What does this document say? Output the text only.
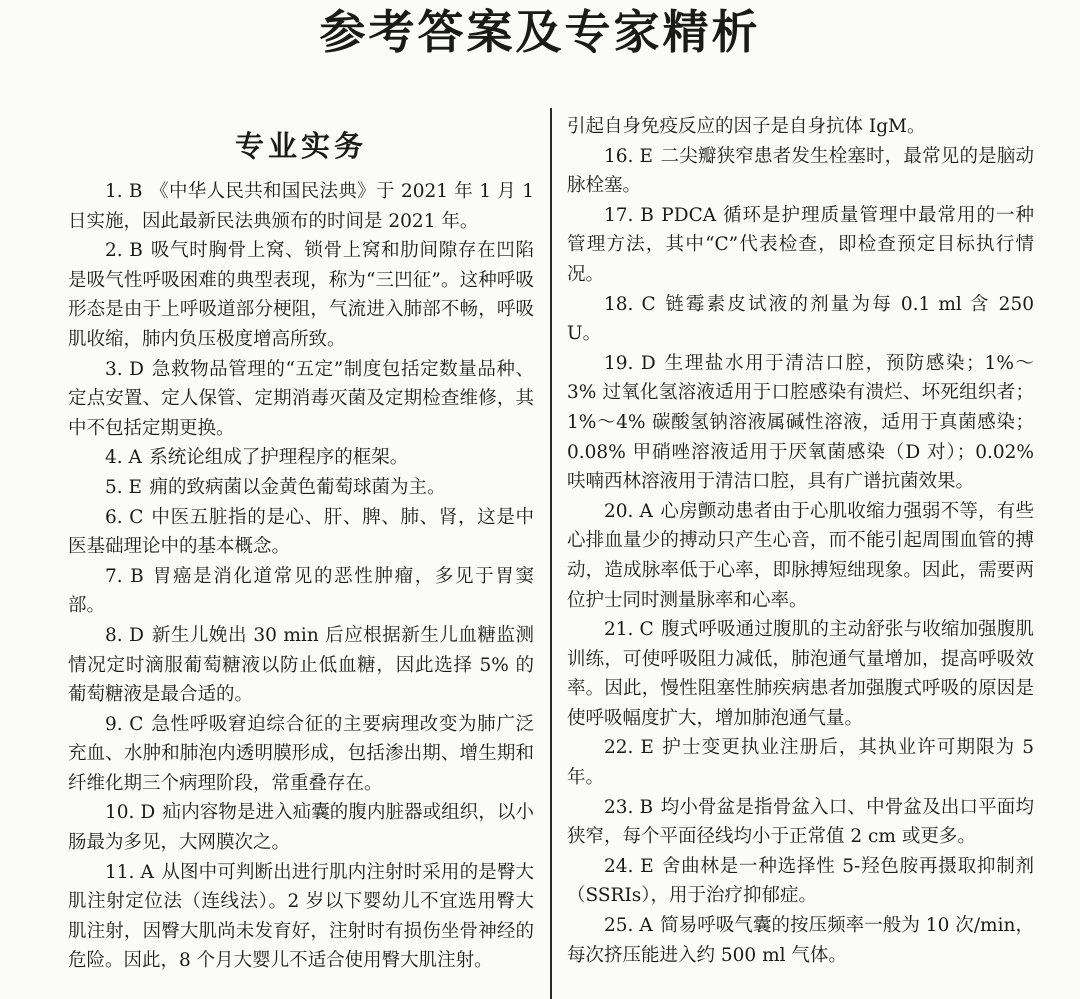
参考答案及专家精析
专业实务

1. B 《中华人民共和国民法典》于 2021 年 1 月 1 日实施，因此最新民法典颁布的时间是 2021 年。

2. B 吸气时胸骨上窝、锁骨上窝和肋间隙存在凹陷是吸气性呼吸困难的典型表现，称为“三凹征”。这种呼吸形态是由于上呼吸道部分梗阻，气流进入肺部不畅，呼吸肌收缩，肺内负压极度增高所致。

3. D 急救物品管理的“五定”制度包括定数量品种、定点安置、定人保管、定期消毒灭菌及定期检查维修，其中不包括定期更换。

4. A 系统论组成了护理程序的框架。

5. E 痈的致病菌以金黄色葡萄球菌为主。

6. C 中医五脏指的是心、肝、脾、肺、肾，这是中医基础理论中的基本概念。

7. B 胃癌是消化道常见的恶性肿瘤，多见于胃窦部。

8. D 新生儿娩出 30 min 后应根据新生儿血糖监测情况定时滴服葡萄糖液以防止低血糖，因此选择 5% 的葡萄糖液是最合适的。

9. C 急性呼吸窘迫综合征的主要病理改变为肺广泛充血、水肿和肺泡内透明膜形成，包括渗出期、增生期和纤维化期三个病理阶段，常重叠存在。

10. D 疝内容物是进入疝囊的腹内脏器或组织，以小肠最为多见，大网膜次之。

11. A 从图中可判断出进行肌内注射时采用的是臀大肌注射定位法（连线法）。2 岁以下婴幼儿不宜选用臀大肌注射，因臀大肌尚未发育好，注射时有损伤坐骨神经的危险。因此，8 个月大婴儿不适合使用臀大肌注射。

引起自身免疫反应的因子是自身抗体 IgM。

16. E 二尖瓣狭窄患者发生栓塞时，最常见的是脑动脉栓塞。

17. B PDCA 循环是护理质量管理中最常用的一种管理方法，其中“C”代表检查，即检查预定目标执行情况。

18. C 链霉素皮试液的剂量为每 0.1 ml 含 250 U。

19. D 生理盐水用于清洁口腔，预防感染；1%～3% 过氧化氢溶液适用于口腔感染有溃烂、坏死组织者；1%～4% 碳酸氢钠溶液属碱性溶液，适用于真菌感染；0.08% 甲硝唑溶液适用于厌氧菌感染（D 对）；0.02% 呋喃西林溶液用于清洁口腔，具有广谱抗菌效果。

20. A 心房颤动患者由于心肌收缩力强弱不等，有些心排血量少的搏动只产生心音，而不能引起周围血管的搏动，造成脉率低于心率，即脉搏短绌现象。因此，需要两位护士同时测量脉率和心率。

21. C 腹式呼吸通过腹肌的主动舒张与收缩加强腹肌训练，可使呼吸阻力减低，肺泡通气量增加，提高呼吸效率。因此，慢性阻塞性肺疾病患者加强腹式呼吸的原因是使呼吸幅度扩大，增加肺泡通气量。

22. E 护士变更执业注册后，其执业许可期限为 5 年。

23. B 均小骨盆是指骨盆入口、中骨盆及出口平面均狭窄，每个平面径线均小于正常值 2 cm 或更多。

24. E 舍曲林是一种选择性 5-羟色胺再摄取抑制剂（SSRIs），用于治疗抑郁症。

25. A 简易呼吸气囊的按压频率一般为 10 次/min，每次挤压能进入约 500 ml 气体。
